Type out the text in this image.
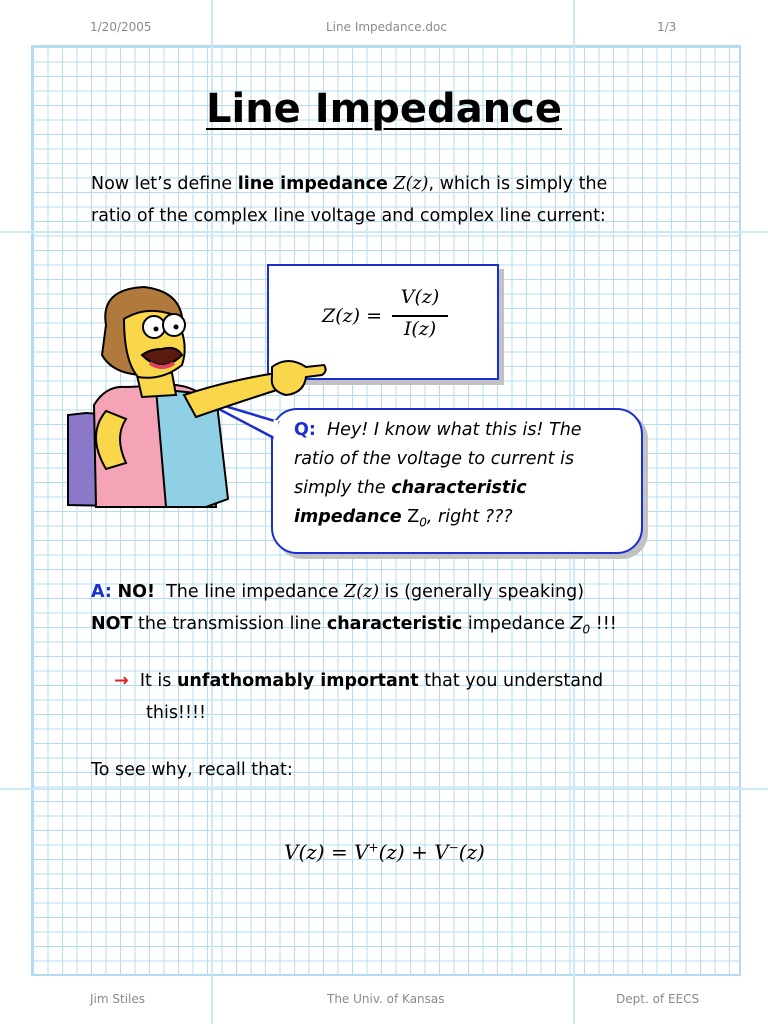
1/20/2005	Line Impedance.doc	1/3
Line Impedance
Now let’s define line impedance Z(z), which is simply the
ratio of the complex line voltage and complex line current:
Z(z) =
V(z)
I(z)
Q: Hey! I know what this is! The
ratio of the voltage to current is
simply the characteristic
impedance $Z_0$, right ???
A: NO! The line impedance Z(z) is (generally speaking)
NOT the transmission line characteristic impedance $Z_0$ !!!
→ It is unfathomably important that you understand
this!!!!
To see why, recall that:
V(z) = V+(z) + V−(z)
Jim Stiles	The Univ. of Kansas	Dept. of EECS
